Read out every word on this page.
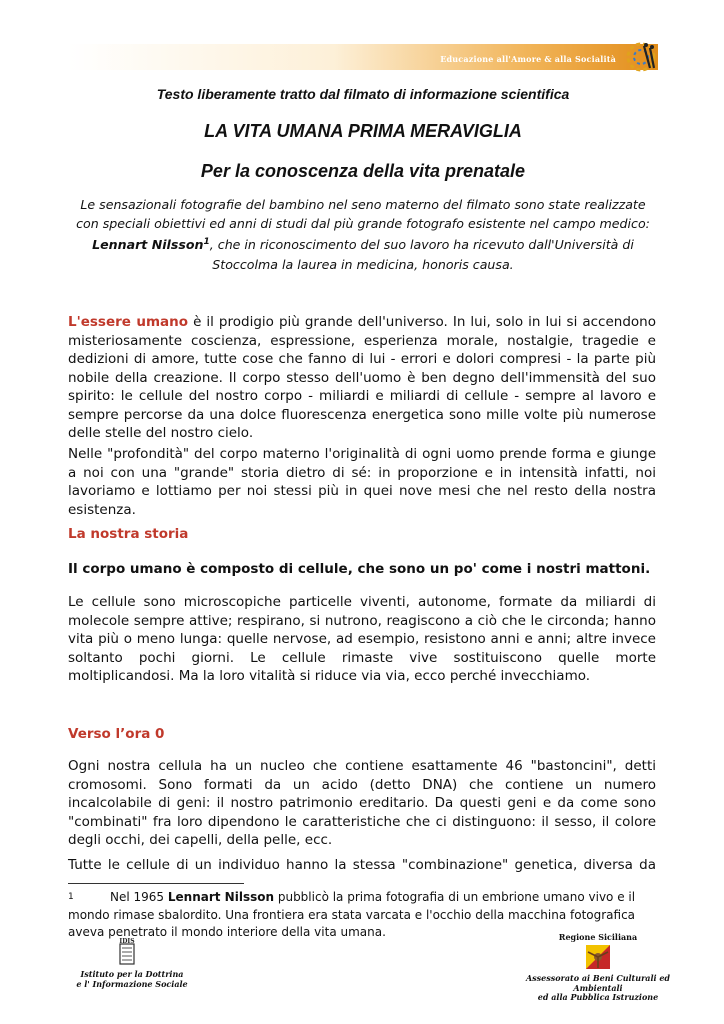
Educazione all'Amore & alla Socialità
Testo liberamente tratto dal filmato di informazione scientifica
LA VITA UMANA PRIMA MERAVIGLIA
Per la conoscenza della vita prenatale
Le sensazionali fotografie del bambino nel seno materno del filmato sono state realizzate con speciali obiettivi ed anni di studi dal più grande fotografo esistente nel campo medico: Lennart Nilsson$^1$, che in riconoscimento del suo lavoro ha ricevuto dall'Università di Stoccolma la laurea in medicina, honoris causa.

L'essere umano è il prodigio più grande dell'universo. In lui, solo in lui si accendono misteriosamente coscienza, espressione, esperienza morale, nostalgie, tragedie e dedizioni di amore, tutte cose che fanno di lui - errori e dolori compresi - la parte più nobile della creazione. Il corpo stesso dell'uomo è ben degno dell'immensità del suo spirito: le cellule del nostro corpo - miliardi e miliardi di cellule - sempre al lavoro e sempre percorse da una dolce fluorescenza energetica sono mille volte più numerose delle stelle del nostro cielo.

Nelle "profondità" del corpo materno l'originalità di ogni uomo prende forma e giunge a noi con una "grande" storia dietro di sé: in proporzione e in intensità infatti, noi lavoriamo e lottiamo per noi stessi più in quei nove mesi che nel resto della nostra esistenza.

La nostra storia
Il corpo umano è composto di cellule, che sono un po' come i nostri mattoni.

Le cellule sono microscopiche particelle viventi, autonome, formate da miliardi di molecole sempre attive; respirano, si nutrono, reagiscono a ciò che le circonda; hanno vita più o meno lunga: quelle nervose, ad esempio, resistono anni e anni; altre invece soltanto pochi giorni. Le cellule rimaste vive sostituiscono quelle morte moltiplicandosi. Ma la loro vitalità si riduce via via, ecco perché invecchiamo.

Verso l’ora 0

Ogni nostra cellula ha un nucleo che contiene esattamente 46 "bastoncini", detti cromosomi. Sono formati da un acido (detto DNA) che contiene un numero incalcolabile di geni: il nostro patrimonio ereditario. Da questi geni e da come sono "combinati" fra loro dipendono le caratteristiche che ci distinguono: il sesso, il colore degli occhi, dei capelli, della pelle, ecc.

Tutte le cellule di un individuo hanno la stessa "combinazione" genetica, diversa da

1	Nel 1965 Lennart Nilsson pubblicò la prima fotografia di un embrione umano vivo e il mondo rimase sbalordito. Una frontiera era stata varcata e l'occhio della macchina fotografica aveva penetrato il mondo interiore della vita umana.

IDIS
Istituto per la Dottrina
e l' Informazione Sociale
Regione Siciliana
Assessorato ai Beni Culturali ed Ambientali
ed alla Pubblica Istruzione
